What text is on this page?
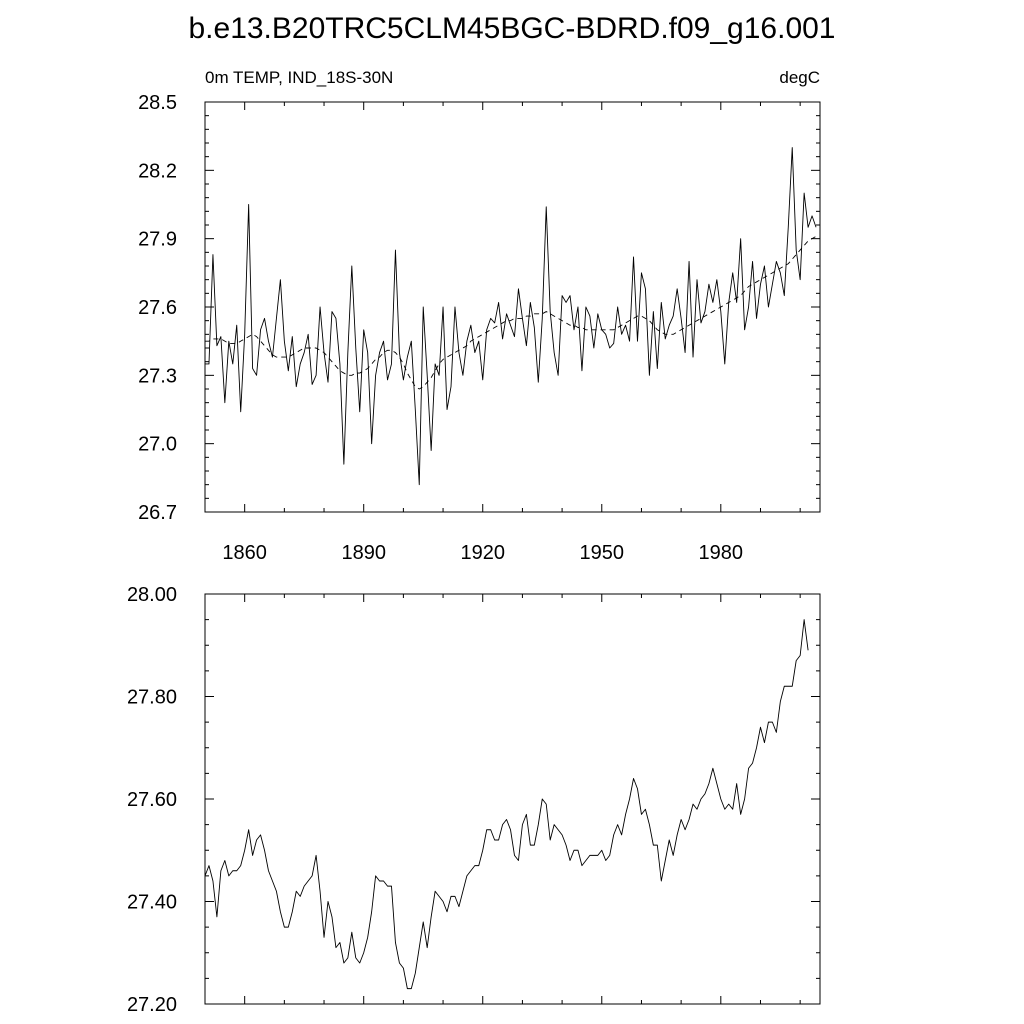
b.e13.B20TRC5CLM45BGC-BDRD.f09_g16.001
0m TEMP, IND_18S-30N	degC
1860	1890	1920	1950	1980
26.7
27.0
27.3
27.6
27.9
28.2
28.5
27.20
27.40
27.60
27.80
28.00
